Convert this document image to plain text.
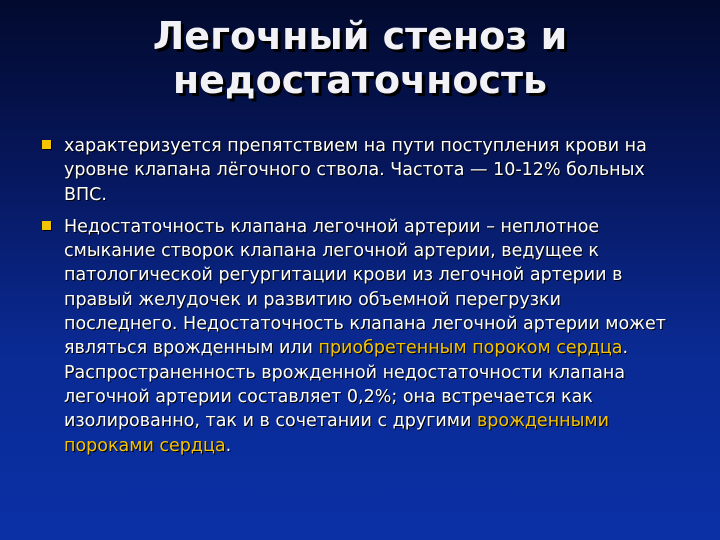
Легочный стеноз и
недостаточность
характеризуется препятствием на пути поступления крови на уровне клапана лёгочного ствола. Частота — 10-12% больных ВПС.
Недостаточность клапана легочной артерии – неплотное смыкание створок клапана легочной артерии, ведущее к патологической регургитации крови из легочной артерии в правый желудочек и развитию объемной перегрузки последнего. Недостаточность клапана легочной артерии может являться врожденным или приобретенным пороком сердца. Распространенность врожденной недостаточности клапана легочной артерии составляет 0,2%; она встречается как изолированно, так и в сочетании с другими врожденными пороками сердца.
